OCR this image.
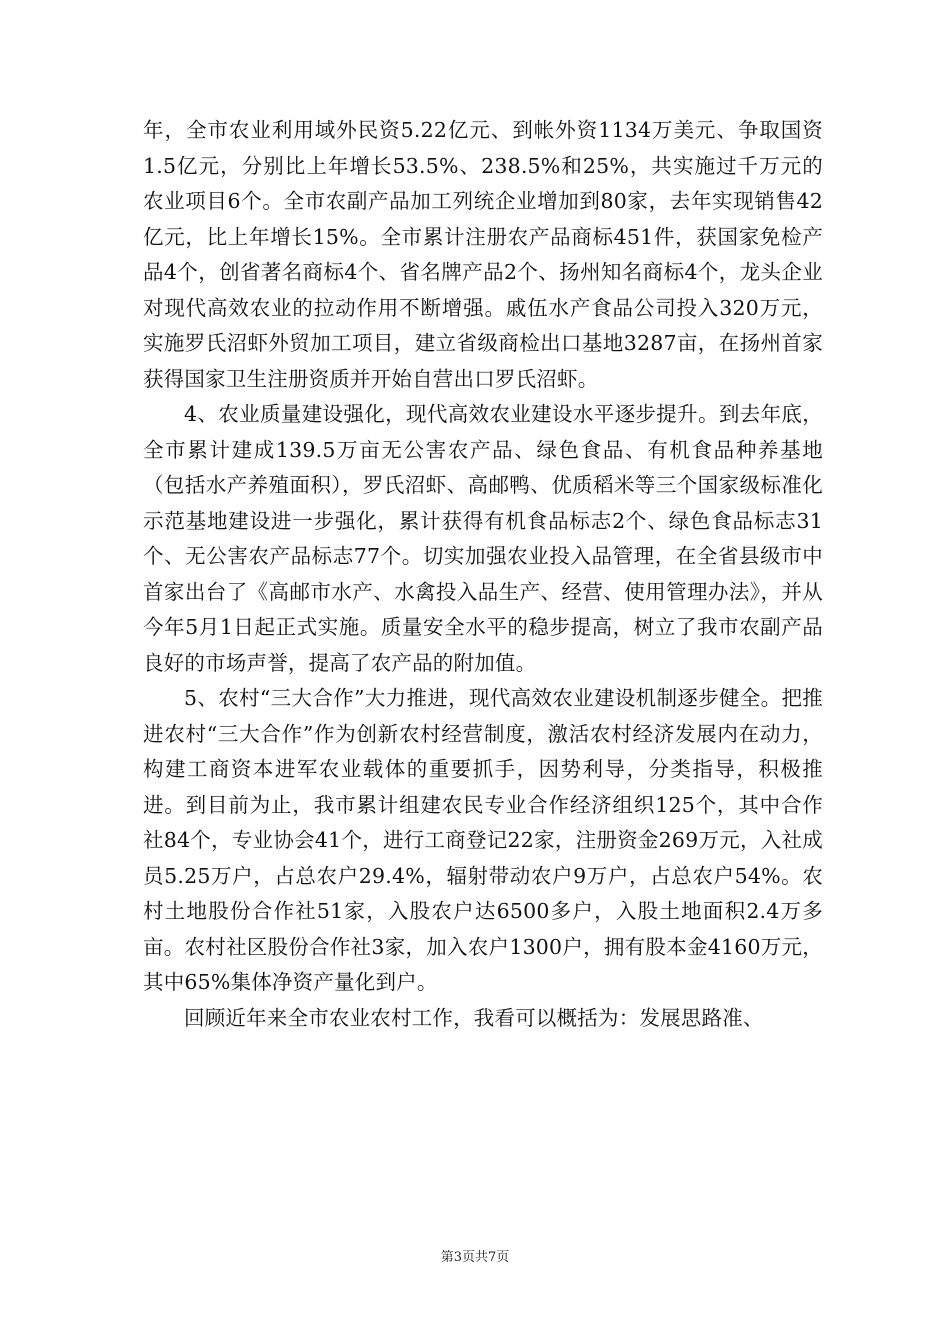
年，全市农业利用域外民资5.22亿元、到帐外资1134万美元、争取国资1.5亿元，分别比上年增长53.5%、238.5%和25%，共实施过千万元的农业项目6个。全市农副产品加工列统企业增加到80家，去年实现销售42亿元，比上年增长15%。全市累计注册农产品商标451件，获国家免检产品4个，创省著名商标4个、省名牌产品2个、扬州知名商标4个，龙头企业对现代高效农业的拉动作用不断增强。戚伍水产食品公司投入320万元，实施罗氏沼虾外贸加工项目，建立省级商检出口基地3287亩，在扬州首家获得国家卫生注册资质并开始自营出口罗氏沼虾。

4、农业质量建设强化，现代高效农业建设水平逐步提升。到去年底，全市累计建成139.5万亩无公害农产品、绿色食品、有机食品种养基地（包括水产养殖面积），罗氏沼虾、高邮鸭、优质稻米等三个国家级标准化示范基地建设进一步强化，累计获得有机食品标志2个、绿色食品标志31个、无公害农产品标志77个。切实加强农业投入品管理，在全省县级市中首家出台了《高邮市水产、水禽投入品生产、经营、使用管理办法》，并从今年5月1日起正式实施。质量安全水平的稳步提高，树立了我市农副产品良好的市场声誉，提高了农产品的附加值。

5、农村“三大合作”大力推进，现代高效农业建设机制逐步健全。把推进农村“三大合作”作为创新农村经营制度，激活农村经济发展内在动力，构建工商资本进军农业载体的重要抓手，因势利导，分类指导，积极推进。到目前为止，我市累计组建农民专业合作经济组织125个，其中合作社84个，专业协会41个，进行工商登记22家，注册资金269万元，入社成员5.25万户，占总农户29.4%，辐射带动农户9万户，占总农户54%。农村土地股份合作社51家，入股农户达6500多户，入股土地面积2.4万多亩。农村社区股份合作社3家，加入农户1300户，拥有股本金4160万元，其中65%集体净资产量化到户。

回顾近年来全市农业农村工作，我看可以概括为：发展思路准、

第3页共7页
